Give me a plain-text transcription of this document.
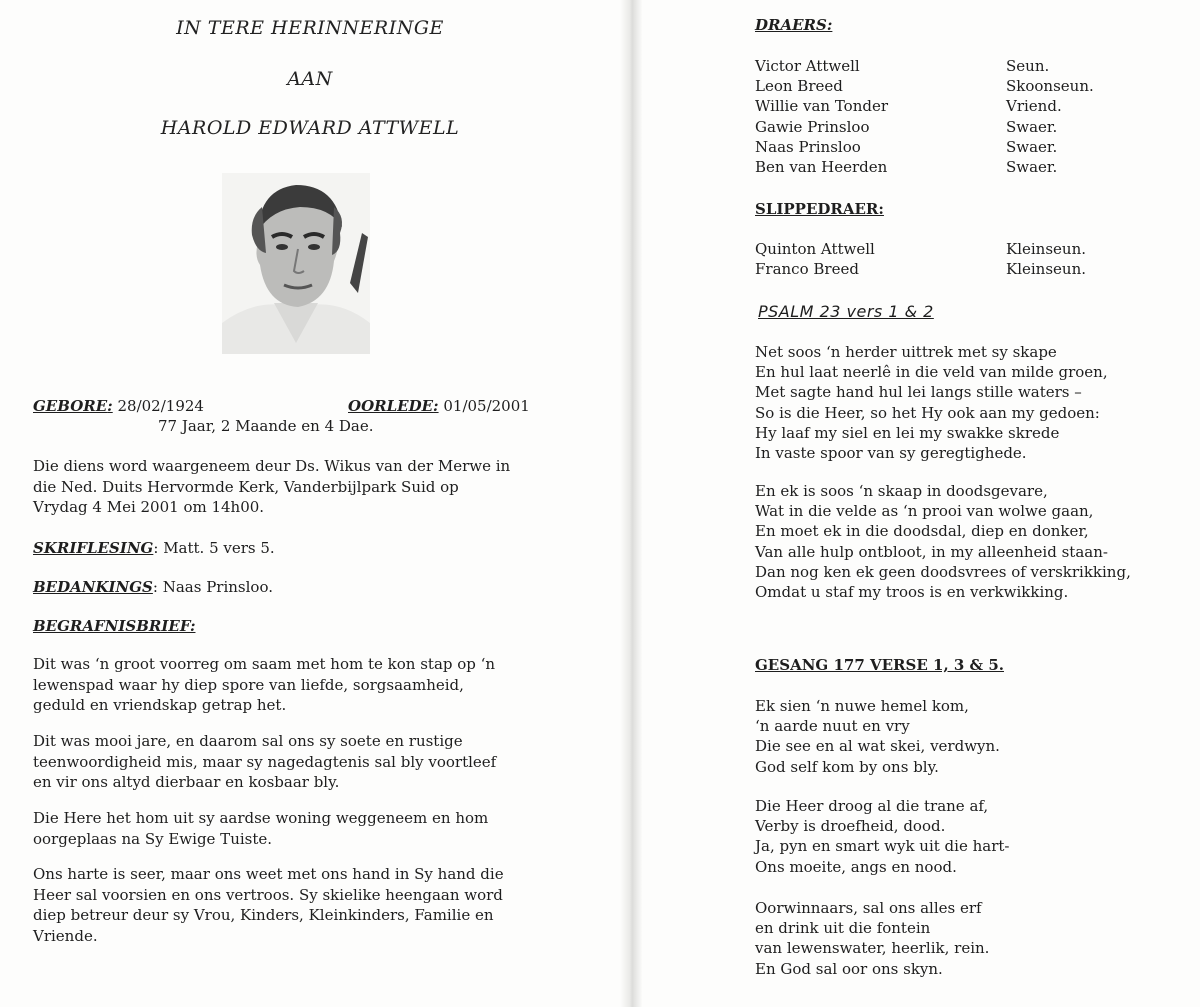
IN TERE HERINNERINGE

AAN

HAROLD EDWARD ATTWELL

GEBORE: 28/02/1924	OORLEDE: 01/05/2001

77 Jaar, 2 Maande en 4 Dae.

Die diens word waargeneem deur Ds. Wikus van der Merwe in
die Ned. Duits Hervormde Kerk, Vanderbijlpark Suid op
Vrydag 4 Mei 2001 om 14h00.

SKRIFLESING: Matt. 5 vers 5.

BEDANKINGS: Naas Prinsloo.

BEGRAFNISBRIEF:

Dit was ‘n groot voorreg om saam met hom te kon stap op ‘n
lewenspad waar hy diep spore van liefde, sorgsaamheid,
geduld en vriendskap getrap het.
Dit was mooi jare, en daarom sal ons sy soete en rustige
teenwoordigheid mis, maar sy nagedagtenis sal bly voortleef
en vir ons altyd dierbaar en kosbaar bly.
Die Here het hom uit sy aardse woning weggeneem en hom
oorgeplaas na Sy Ewige Tuiste.
Ons harte is seer, maar ons weet met ons hand in Sy hand die
Heer sal voorsien en ons vertroos. Sy skielike heengaan word
diep betreur deur sy Vrou, Kinders, Kleinkinders, Familie en
Vriende.

DRAERS:

Victor Attwell	Seun.
Leon Breed	Skoonseun.
Willie van Tonder	Vriend.
Gawie Prinsloo	Swaer.
Naas Prinsloo	Swaer.
Ben van Heerden	Swaer.

SLIPPEDRAER:

Quinton Attwell	Kleinseun.
Franco Breed	Kleinseun.

PSALM 23 vers 1 & 2

Net soos ‘n herder uittrek met sy skape
En hul laat neerlê in die veld van milde groen,
Met sagte hand hul lei langs stille waters –
So is die Heer, so het Hy ook aan my gedoen:
Hy laaf my siel en lei my swakke skrede
In vaste spoor van sy geregtighede.
En ek is soos ‘n skaap in doodsgevare,
Wat in die velde as ‘n prooi van wolwe gaan,
En moet ek in die doodsdal, diep en donker,
Van alle hulp ontbloot, in my alleenheid staan-
Dan nog ken ek geen doodsvrees of verskrikking,
Omdat u staf my troos is en verkwikking.

GESANG 177 VERSE 1, 3 & 5.

Ek sien ‘n nuwe hemel kom,
‘n aarde nuut en vry
Die see en al wat skei, verdwyn.
God self kom by ons bly.
Die Heer droog al die trane af,
Verby is droefheid, dood.
Ja, pyn en smart wyk uit die hart-
Ons moeite, angs en nood.
Oorwinnaars, sal ons alles erf
en drink uit die fontein
van lewenswater, heerlik, rein.
En God sal oor ons skyn.
